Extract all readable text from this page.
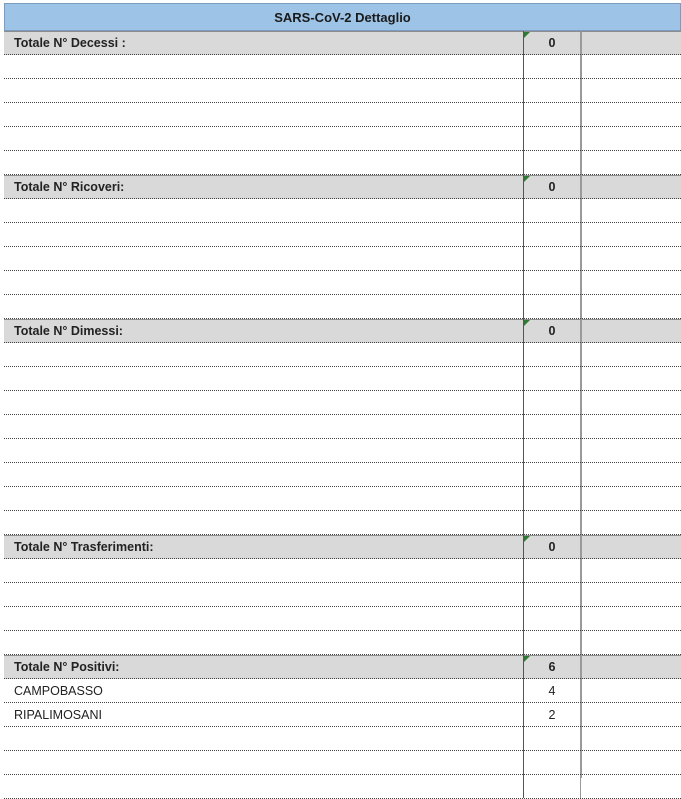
SARS-CoV-2 Dettaglio
Totale N° Decessi :	0
Totale N° Ricoveri:	0
Totale N° Dimessi:	0
Totale N° Trasferimenti:	0
Totale N° Positivi:	6
CAMPOBASSO	4
RIPALIMOSANI	2
